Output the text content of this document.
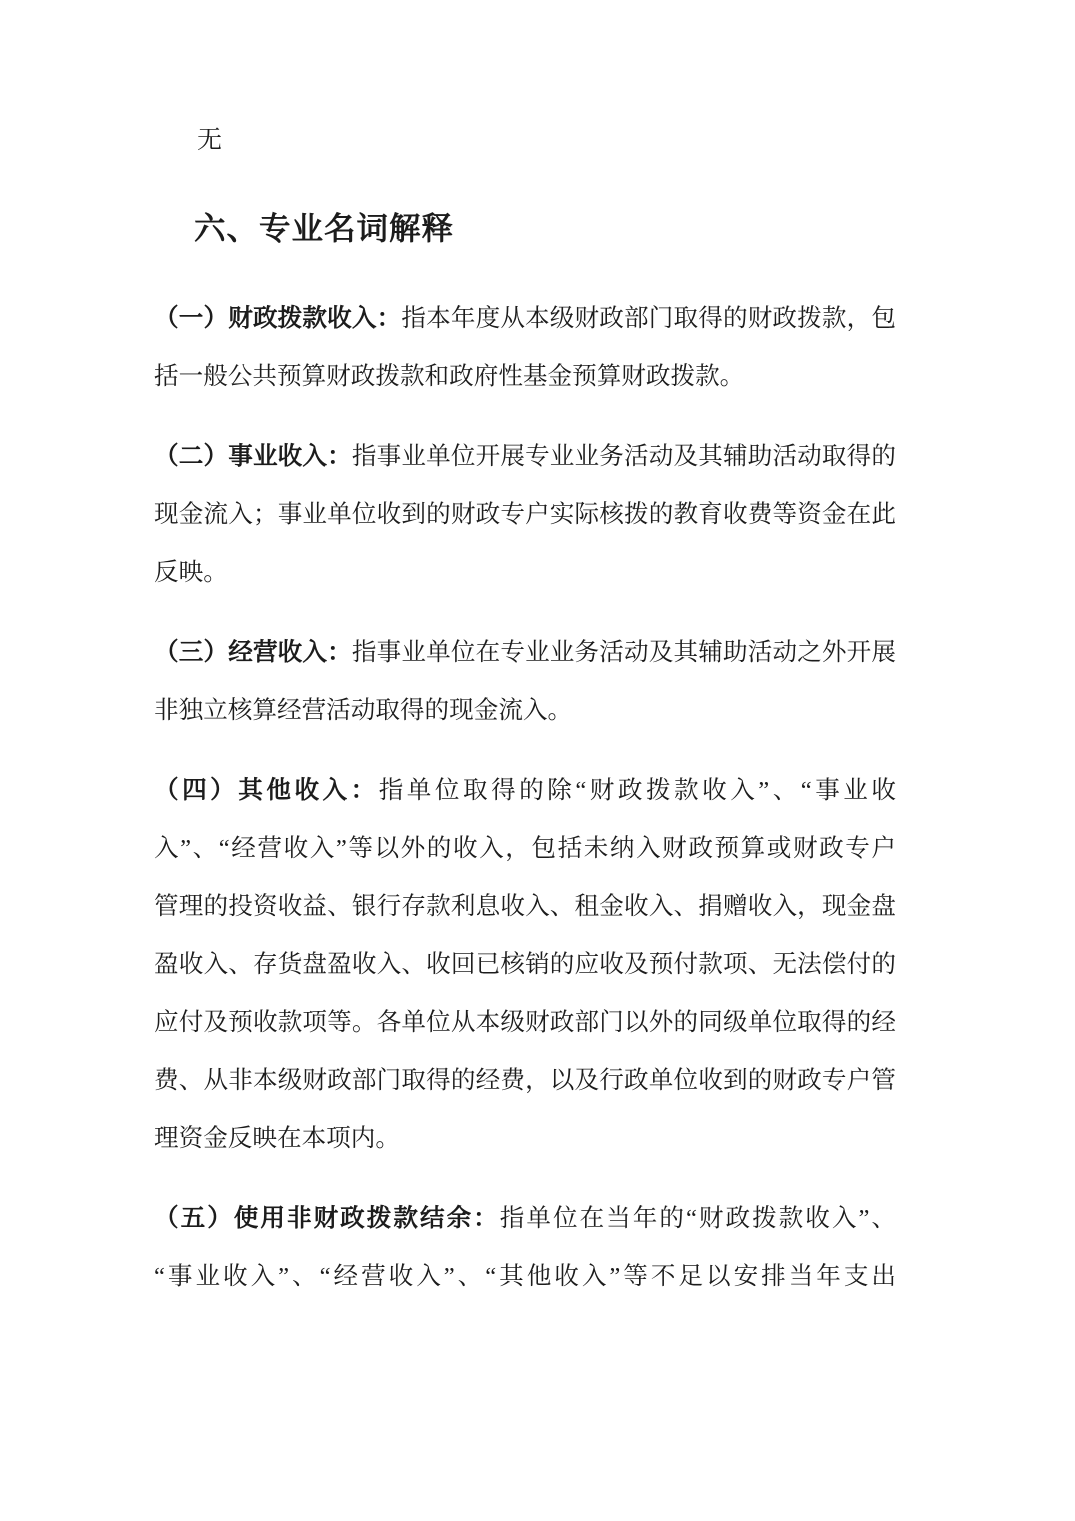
无
六、专业名词解释
（一）财政拨款收入：指本年度从本级财政部门取得的财政拨款，包
括一般公共预算财政拨款和政府性基金预算财政拨款。
（二）事业收入：指事业单位开展专业业务活动及其辅助活动取得的
现金流入；事业单位收到的财政专户实际核拨的教育收费等资金在此
反映。
（三）经营收入：指事业单位在专业业务活动及其辅助活动之外开展
非独立核算经营活动取得的现金流入。
（四）其他收入：指单位取得的除“财政拨款收入”、“事业收
入”、“经营收入”等以外的收入，包括未纳入财政预算或财政专户
管理的投资收益、银行存款利息收入、租金收入、捐赠收入，现金盘
盈收入、存货盘盈收入、收回已核销的应收及预付款项、无法偿付的
应付及预收款项等。各单位从本级财政部门以外的同级单位取得的经
费、从非本级财政部门取得的经费，以及行政单位收到的财政专户管
理资金反映在本项内。
（五）使用非财政拨款结余：指单位在当年的“财政拨款收入”、
“事业收入”、“经营收入”、“其他收入”等不足以安排当年支出
